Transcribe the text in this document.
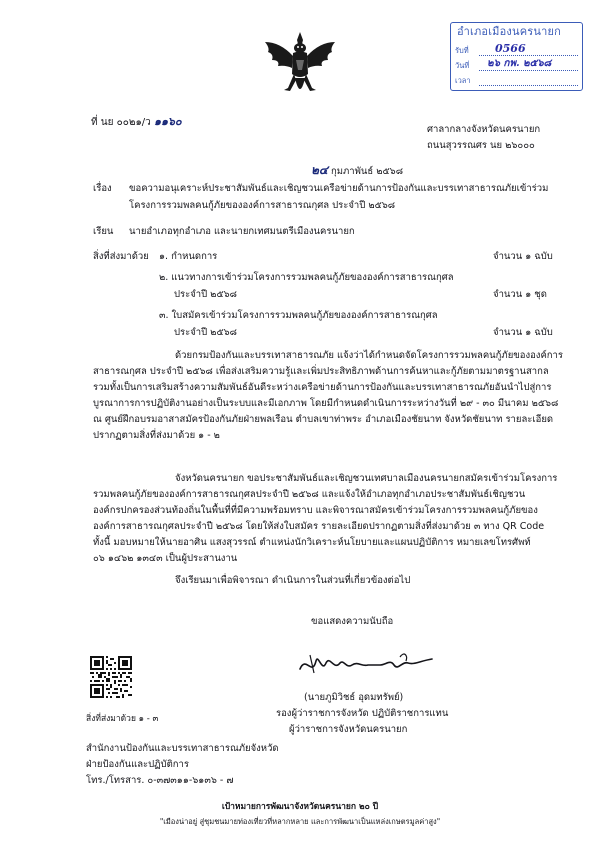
อำเภอเมืองนครนายก
รับที่ 0566
วันที่ ๒๖ กพ. ๒๕๖๘
เวลา
ที่ นย ๐๐๒๑/ว ๑๑๖๐
ศาลากลางจังหวัดนครนายก
ถนนสุวรรณศร นย ๒๖๐๐๐
๒๔ กุมภาพันธ์ ๒๕๖๘
เรื่อง ขอความอนุเคราะห์ประชาสัมพันธ์และเชิญชวนเครือข่ายด้านการป้องกันและบรรเทาสาธารณภัยเข้าร่วม
โครงการรวมพลคนกู้ภัยขององค์การสาธารณกุศล ประจำปี ๒๕๖๘
เรียน นายอำเภอทุกอำเภอ และนายกเทศมนตรีเมืองนครนายก
สิ่งที่ส่งมาด้วย ๑. กำหนดการ	จำนวน ๑ ฉบับ
๒. แนวทางการเข้าร่วมโครงการรวมพลคนกู้ภัยขององค์การสาธารณกุศล
ประจำปี ๒๕๖๘	จำนวน ๑ ชุด
๓. ใบสมัครเข้าร่วมโครงการรวมพลคนกู้ภัยขององค์การสาธารณกุศล
ประจำปี ๒๕๖๘	จำนวน ๑ ฉบับ
ด้วยกรมป้องกันและบรรเทาสาธารณภัย แจ้งว่าได้กำหนดจัดโครงการรวมพลคนกู้ภัยขององค์การ
สาธารณกุศล ประจำปี ๒๕๖๘ เพื่อส่งเสริมความรู้และเพิ่มประสิทธิภาพด้านการค้นหาและกู้ภัยตามมาตรฐานสากล
รวมทั้งเป็นการเสริมสร้างความสัมพันธ์อันดีระหว่างเครือข่ายด้านการป้องกันและบรรเทาสาธารณภัยอันนำไปสู่การ
บูรณาการการปฏิบัติงานอย่างเป็นระบบและมีเอกภาพ โดยมีกำหนดดำเนินการระหว่างวันที่ ๒๙ - ๓๐ มีนาคม ๒๕๖๘
ณ ศูนย์ฝึกอบรมอาสาสมัครป้องกันภัยฝ่ายพลเรือน ตำบลเขาท่าพระ อำเภอเมืองชัยนาท จังหวัดชัยนาท รายละเอียด
ปรากฏตามสิ่งที่ส่งมาด้วย ๑ - ๒
จังหวัดนครนายก ขอประชาสัมพันธ์และเชิญชวนเทศบาลเมืองนครนายกสมัครเข้าร่วมโครงการ
รวมพลคนกู้ภัยขององค์การสาธารณกุศลประจำปี ๒๕๖๘ และแจ้งให้อำเภอทุกอำเภอประชาสัมพันธ์เชิญชวน
องค์กรปกครองส่วนท้องถิ่นในพื้นที่ที่มีความพร้อมทราบ และพิจารณาสมัครเข้าร่วมโครงการรวมพลคนกู้ภัยของ
องค์การสาธารณกุศลประจำปี ๒๕๖๘ โดยให้ส่งใบสมัคร รายละเอียดปรากฏตามสิ่งที่ส่งมาด้วย ๓ ทาง QR Code
ทั้งนี้ มอบหมายให้นายอาศิน แสงสุวรรณ์ ตำแหน่งนักวิเคราะห์นโยบายและแผนปฏิบัติการ หมายเลขโทรศัพท์
๐๖ ๑๔๖๒ ๑๓๔๓ เป็นผู้ประสานงาน
จึงเรียนมาเพื่อพิจารณา ดำเนินการในส่วนที่เกี่ยวข้องต่อไป
ขอแสดงความนับถือ
(นายภูมิวิชธ์ อุดมทรัพย์)
รองผู้ว่าราชการจังหวัด ปฏิบัติราชการแทน
ผู้ว่าราชการจังหวัดนครนายก
สิ่งที่ส่งมาด้วย ๑ - ๓
สำนักงานป้องกันและบรรเทาสาธารณภัยจังหวัด
ฝ่ายป้องกันและปฏิบัติการ
โทร./โทรสาร. ๐-๓๗๓๑๑-๖๑๓๖ - ๗
เป้าหมายการพัฒนาจังหวัดนครนายก ๒๐ ปี
"เมืองน่าอยู่ สู่ชุมชนมายท่องเที่ยวที่หลากหลาย และการพัฒนาเป็นแหล่งเกษตรมูลค่าสูง"
